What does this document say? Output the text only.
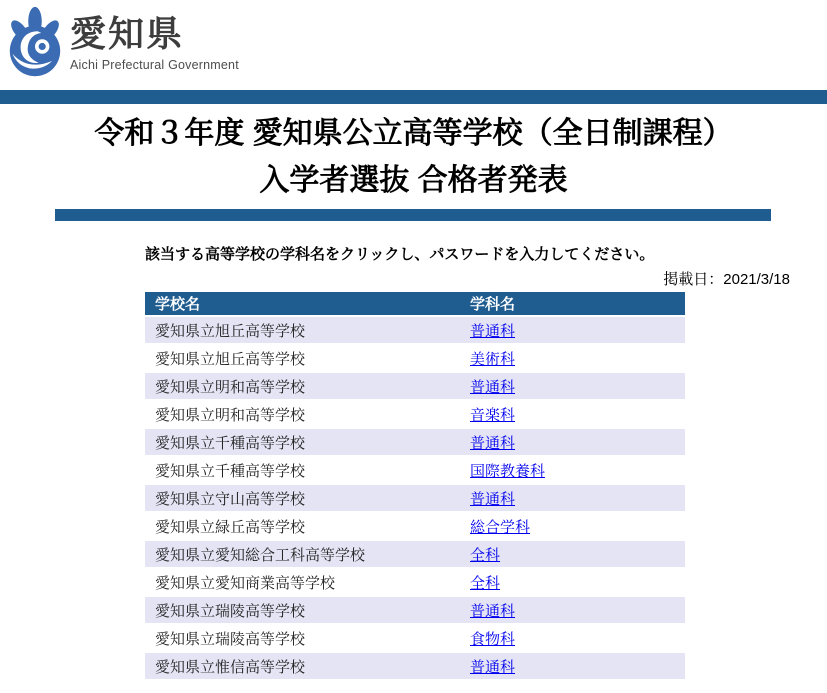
愛知県
Aichi Prefectural Government
令和３年度 愛知県公立高等学校（全日制課程）
入学者選抜 合格者発表
該当する高等学校の学科名をクリックし、パスワードを入力してください。
掲載日：2021/3/18
学校名	学科名
愛知県立旭丘高等学校	普通科
愛知県立旭丘高等学校	美術科
愛知県立明和高等学校	普通科
愛知県立明和高等学校	音楽科
愛知県立千種高等学校	普通科
愛知県立千種高等学校	国際教養科
愛知県立守山高等学校	普通科
愛知県立緑丘高等学校	総合学科
愛知県立愛知総合工科高等学校	全科
愛知県立愛知商業高等学校	全科
愛知県立瑞陵高等学校	普通科
愛知県立瑞陵高等学校	食物科
愛知県立惟信高等学校	普通科
